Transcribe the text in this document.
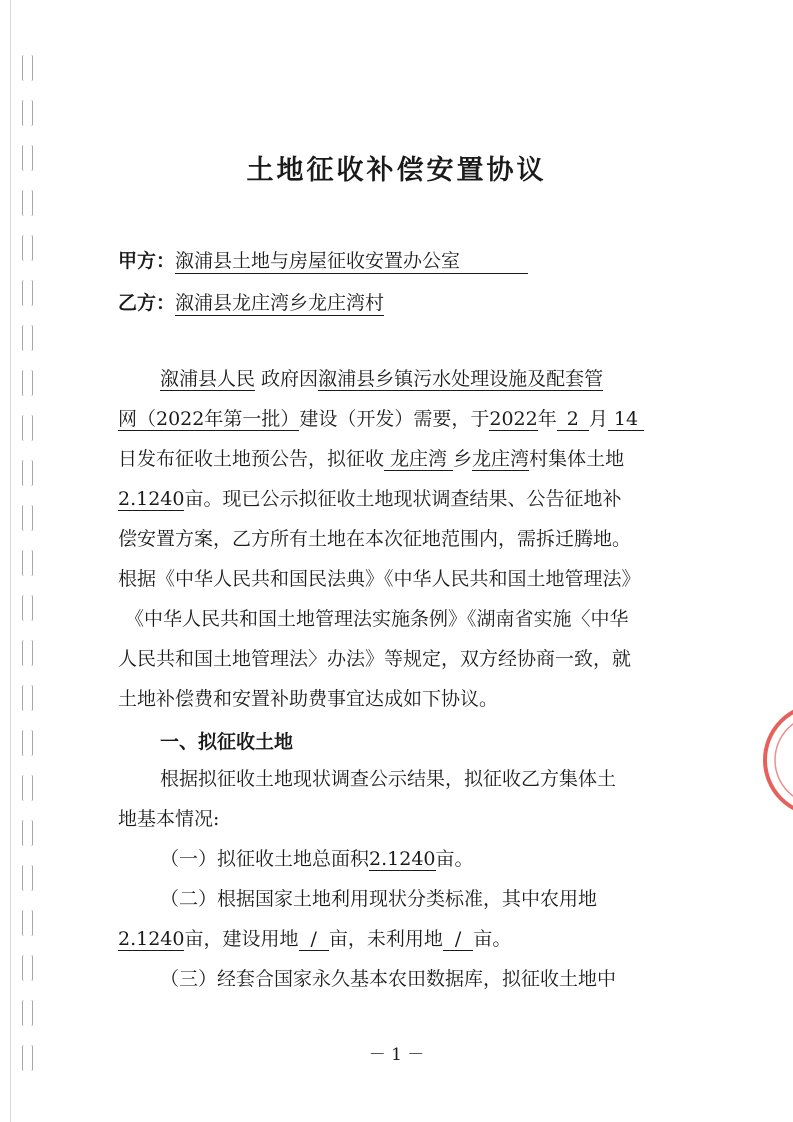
土地征收补偿安置协议
甲方：溆浦县土地与房屋征收安置办公室
乙方：溆浦县龙庄湾乡龙庄湾村
溆浦县人民 政府因溆浦县乡镇污水处理设施及配套管
网（2022年第一批）建设（开发）需要，于2022年 2 月 14
日发布征收土地预公告，拟征收 龙庄湾 乡龙庄湾村集体土地
2.1240亩。现已公示拟征收土地现状调查结果、公告征地补
偿安置方案，乙方所有土地在本次征地范围内，需拆迁腾地。
根据《中华人民共和国民法典》《中华人民共和国土地管理法》
《中华人民共和国土地管理法实施条例》《湖南省实施〈中华
人民共和国土地管理法〉办法》等规定，双方经协商一致，就
土地补偿费和安置补助费事宜达成如下协议。
一、拟征收土地
根据拟征收土地现状调查公示结果，拟征收乙方集体土
地基本情况:
（一）拟征收土地总面积2.1240亩。
（二）根据国家土地利用现状分类标准，其中农用地
2.1240亩，建设用地 / 亩，未利用地 / 亩。
（三）经套合国家永久基本农田数据库，拟征收土地中
－ 1 －
